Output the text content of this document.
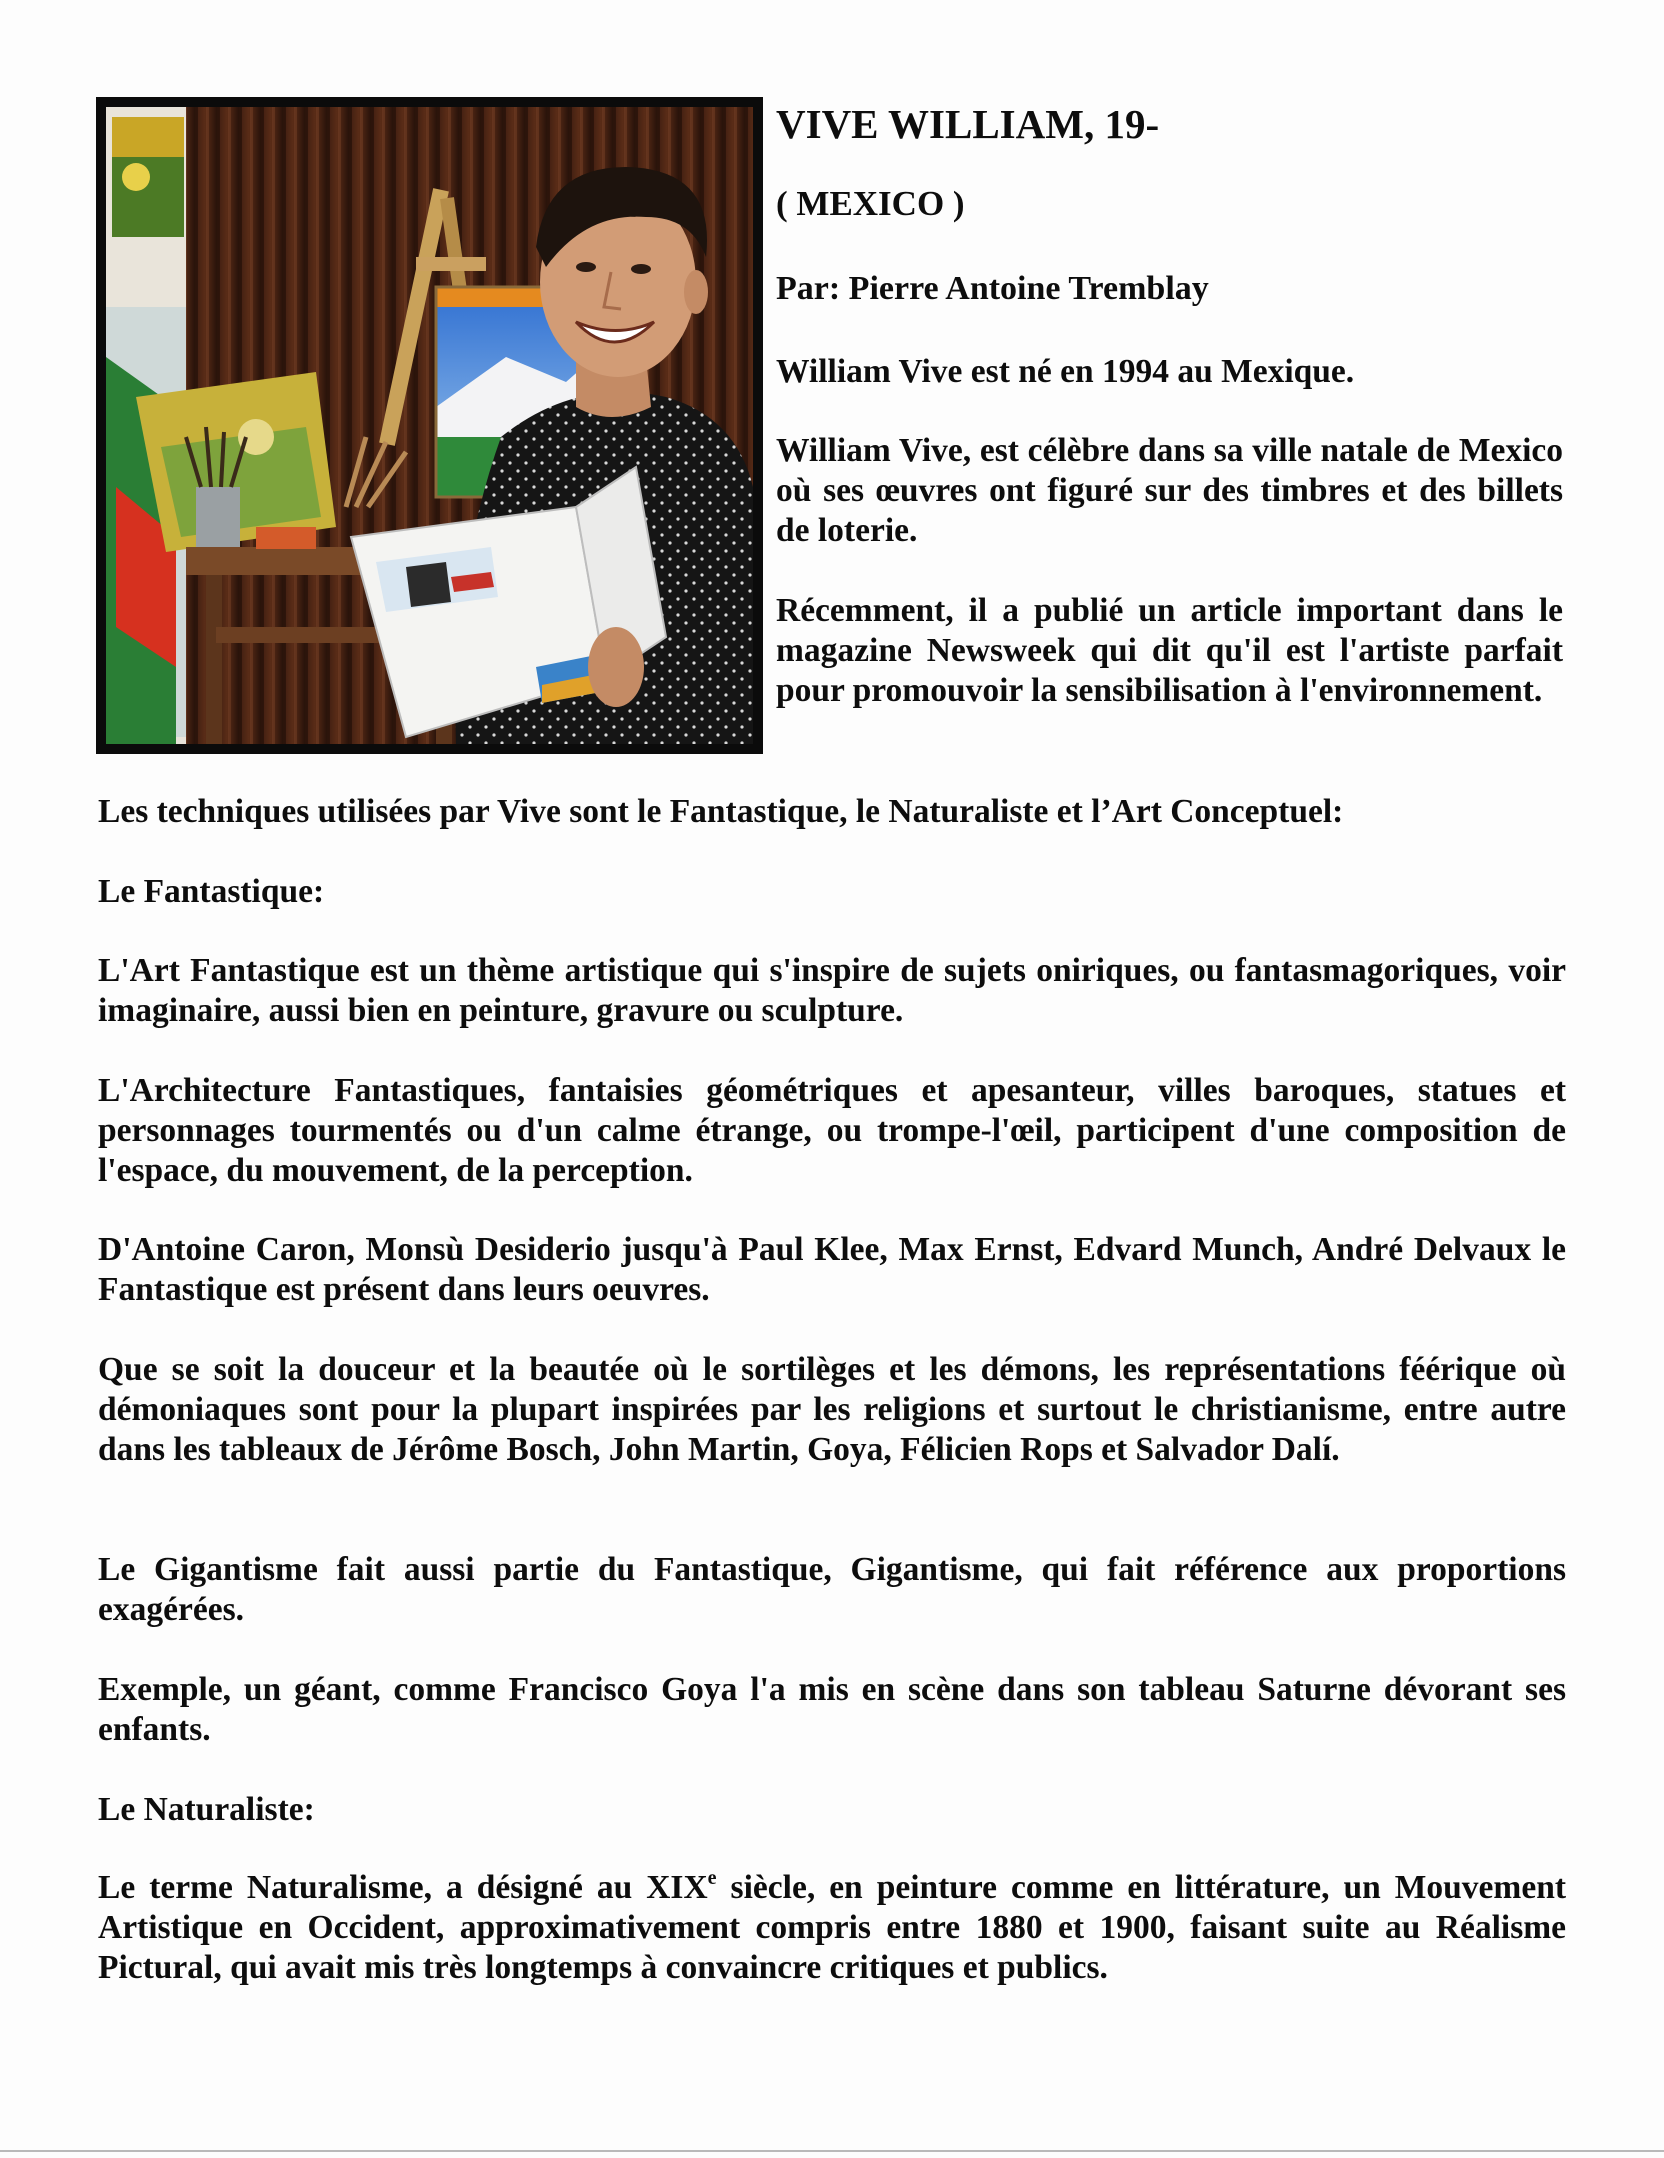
VIVE WILLIAM, 19-
( MEXICO )
Par: Pierre Antoine Tremblay
William Vive est né en 1994 au Mexique.
William Vive, est célèbre dans sa ville natale de Mexico où ses œuvres ont figuré sur des timbres et des billets de loterie.
Récemment, il a publié un article important dans le magazine Newsweek qui dit qu'il est l'artiste parfait pour promouvoir la sensibilisation à l'environnement.
Les techniques utilisées par Vive sont le Fantastique, le Naturaliste et l’Art Conceptuel:
Le Fantastique:
L'Art Fantastique est un thème artistique qui s'inspire de sujets oniriques, ou fantasmagoriques, voir imaginaire, aussi bien en peinture, gravure ou sculpture.
L'Architecture Fantastiques, fantaisies géométriques et apesanteur, villes baroques, statues et personnages tourmentés ou d'un calme étrange, ou trompe-l'œil, participent d'une composition de l'espace, du mouvement, de la perception.
D'Antoine Caron, Monsù Desiderio jusqu'à Paul Klee, Max Ernst, Edvard Munch, André Delvaux le Fantastique est présent dans leurs oeuvres.
Que se soit la douceur et la beautée où le sortilèges et les démons, les représentations féérique où démoniaques sont pour la plupart inspirées par les religions et surtout le christianisme, entre autre dans les tableaux de Jérôme Bosch, John Martin, Goya, Félicien Rops et Salvador Dalí.
Le Gigantisme fait aussi partie du Fantastique, Gigantisme, qui fait référence aux proportions exagérées.
Exemple, un géant, comme Francisco Goya l'a mis en scène dans son tableau Saturne dévorant ses enfants.
Le Naturaliste:
Le terme Naturalisme, a désigné au XIXe siècle, en peinture comme en littérature, un Mouvement Artistique en Occident, approximativement compris entre 1880 et 1900, faisant suite au Réalisme Pictural, qui avait mis très longtemps à convaincre critiques et publics.
